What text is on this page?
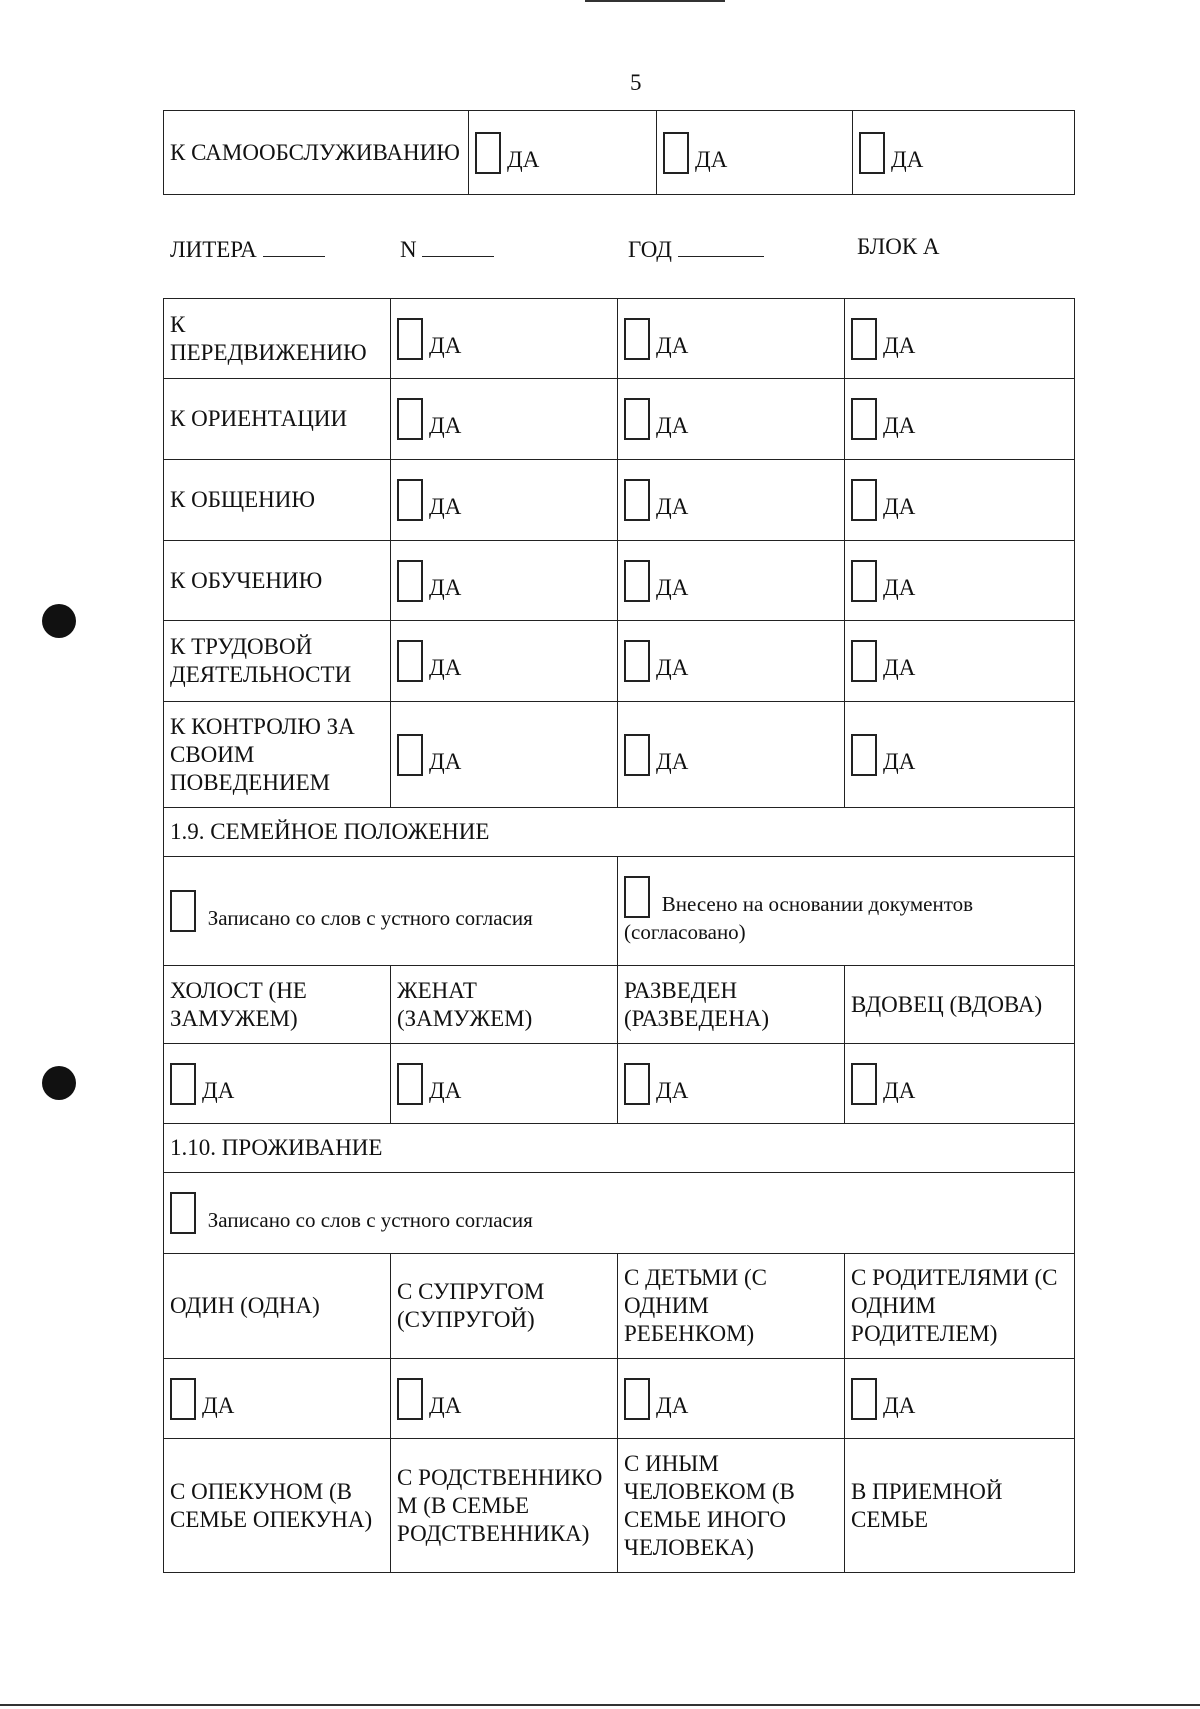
5
К САМООБСЛУЖИВАНИЮ	ДА	ДА	ДА
ЛИТЕРА	N	ГОД	БЛОК А
К ПЕРЕДВИЖЕНИЮ	ДА	ДА	ДА
К ОРИЕНТАЦИИ	ДА	ДА	ДА
К ОБЩЕНИЮ	ДА	ДА	ДА
К ОБУЧЕНИЮ	ДА	ДА	ДА
К ТРУДОВОЙ ДЕЯТЕЛЬНОСТИ	ДА	ДА	ДА
К КОНТРОЛЮ ЗА СВОИМ ПОВЕДЕНИЕМ	ДА	ДА	ДА
1.9. СЕМЕЙНОЕ ПОЛОЖЕНИЕ			
Записано со слов с устного согласия		Внесено на основании документов (согласовано)	
ХОЛОСТ (НЕ ЗАМУЖЕМ)	ЖЕНАТ (ЗАМУЖЕМ)	РАЗВЕДЕН (РАЗВЕДЕНА)	ВДОВЕЦ (ВДОВА)
ДА	ДА	ДА	ДА
1.10. ПРОЖИВАНИЕ			
Записано со слов с устного согласия			
ОДИН (ОДНА)	С СУПРУГОМ (СУПРУГОЙ)	С ДЕТЬМИ (С ОДНИМ РЕБЕНКОМ)	С РОДИТЕЛЯМИ (С ОДНИМ РОДИТЕЛЕМ)
ДА	ДА	ДА	ДА
С ОПЕКУНОМ (В СЕМЬЕ ОПЕКУНА)	С РОДСТВЕННИКО М (В СЕМЬЕ РОДСТВЕННИКА)	С ИНЫМ ЧЕЛОВЕКОМ (В СЕМЬЕ ИНОГО ЧЕЛОВЕКА)	В ПРИЕМНОЙ СЕМЬЕ
